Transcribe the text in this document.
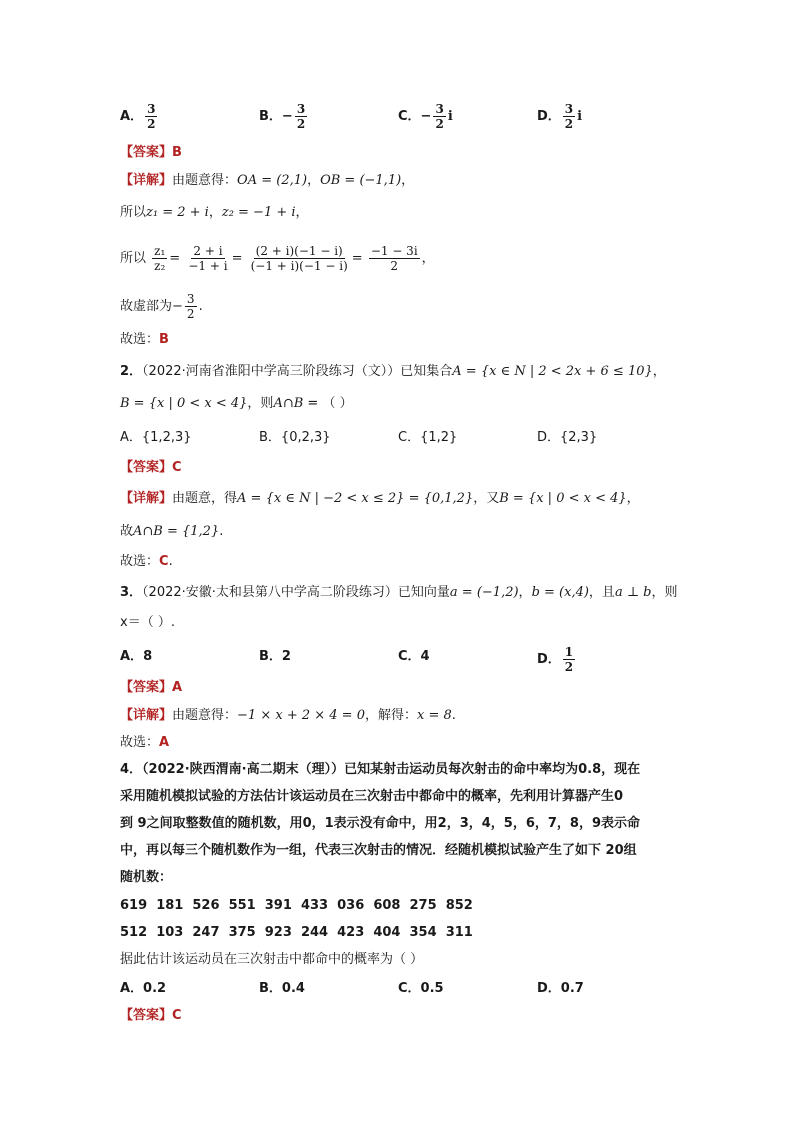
A． $\frac{3}{2}$	B．− $\frac{3}{2}$	C．− $\frac{3}{2}$ i	D． $\frac{3}{2}$ i
【答案】B
【详解】由题意得：OA = (2,1)，OB = (−1,1)，
所以z₁ = 2 + i，z₂ = −1 + i，
所以 $\frac{\text{z₁}}{\text{z₂}} = \frac{2 + i}{-1 + i} = \frac{(2 + i)(-1 - i)}{(-1 + i)(-1 - i)} = \frac{-1 - 3i}{2}$ ，
故虚部为− $\frac{3}{2}$ .
故选：B
2．（2022·河南省淮阳中学高三阶段练习（文））已知集合A = {x ∈ N | 2 < 2x + 6 ≤ 10}，
B = {x | 0 < x < 4}，则A∩B = （ ）
A．{1,2,3}	B．{0,2,3}	C．{1,2}	D．{2,3}
【答案】C
【详解】由题意，得A = {x ∈ N | −2 < x ≤ 2} = {0,1,2}，又B = {x | 0 < x < 4}，
故A∩B = {1,2}.
故选：C.
3．（2022·安徽·太和县第八中学高二阶段练习）已知向量a = (−1,2)，b = (x,4)，且a ⊥ b，则
x＝（ ）.
A．8	B．2	C．4	D． $\frac{1}{2}$
【答案】A
【详解】由题意得：−1 × x + 2 × 4 = 0，解得：x = 8.
故选：A
4．（2022·陕西渭南·高二期末（理））已知某射击运动员每次射击的命中率均为0.8，现在
采用随机模拟试验的方法估计该运动员在三次射击中都命中的概率，先利用计算器产生0
到 9之间取整数值的随机数，用0，1表示没有命中，用2，3，4，5，6，7，8，9表示命
中，再以每三个随机数作为一组，代表三次射击的情况．经随机模拟试验产生了如下 20组
随机数：
619  181  526  551  391  433  036  608  275  852
512  103  247  375  923  244  423  404  354  311
据此估计该运动员在三次射击中都命中的概率为（ ）
A．0.2	B．0.4	C．0.5	D．0.7
【答案】C
